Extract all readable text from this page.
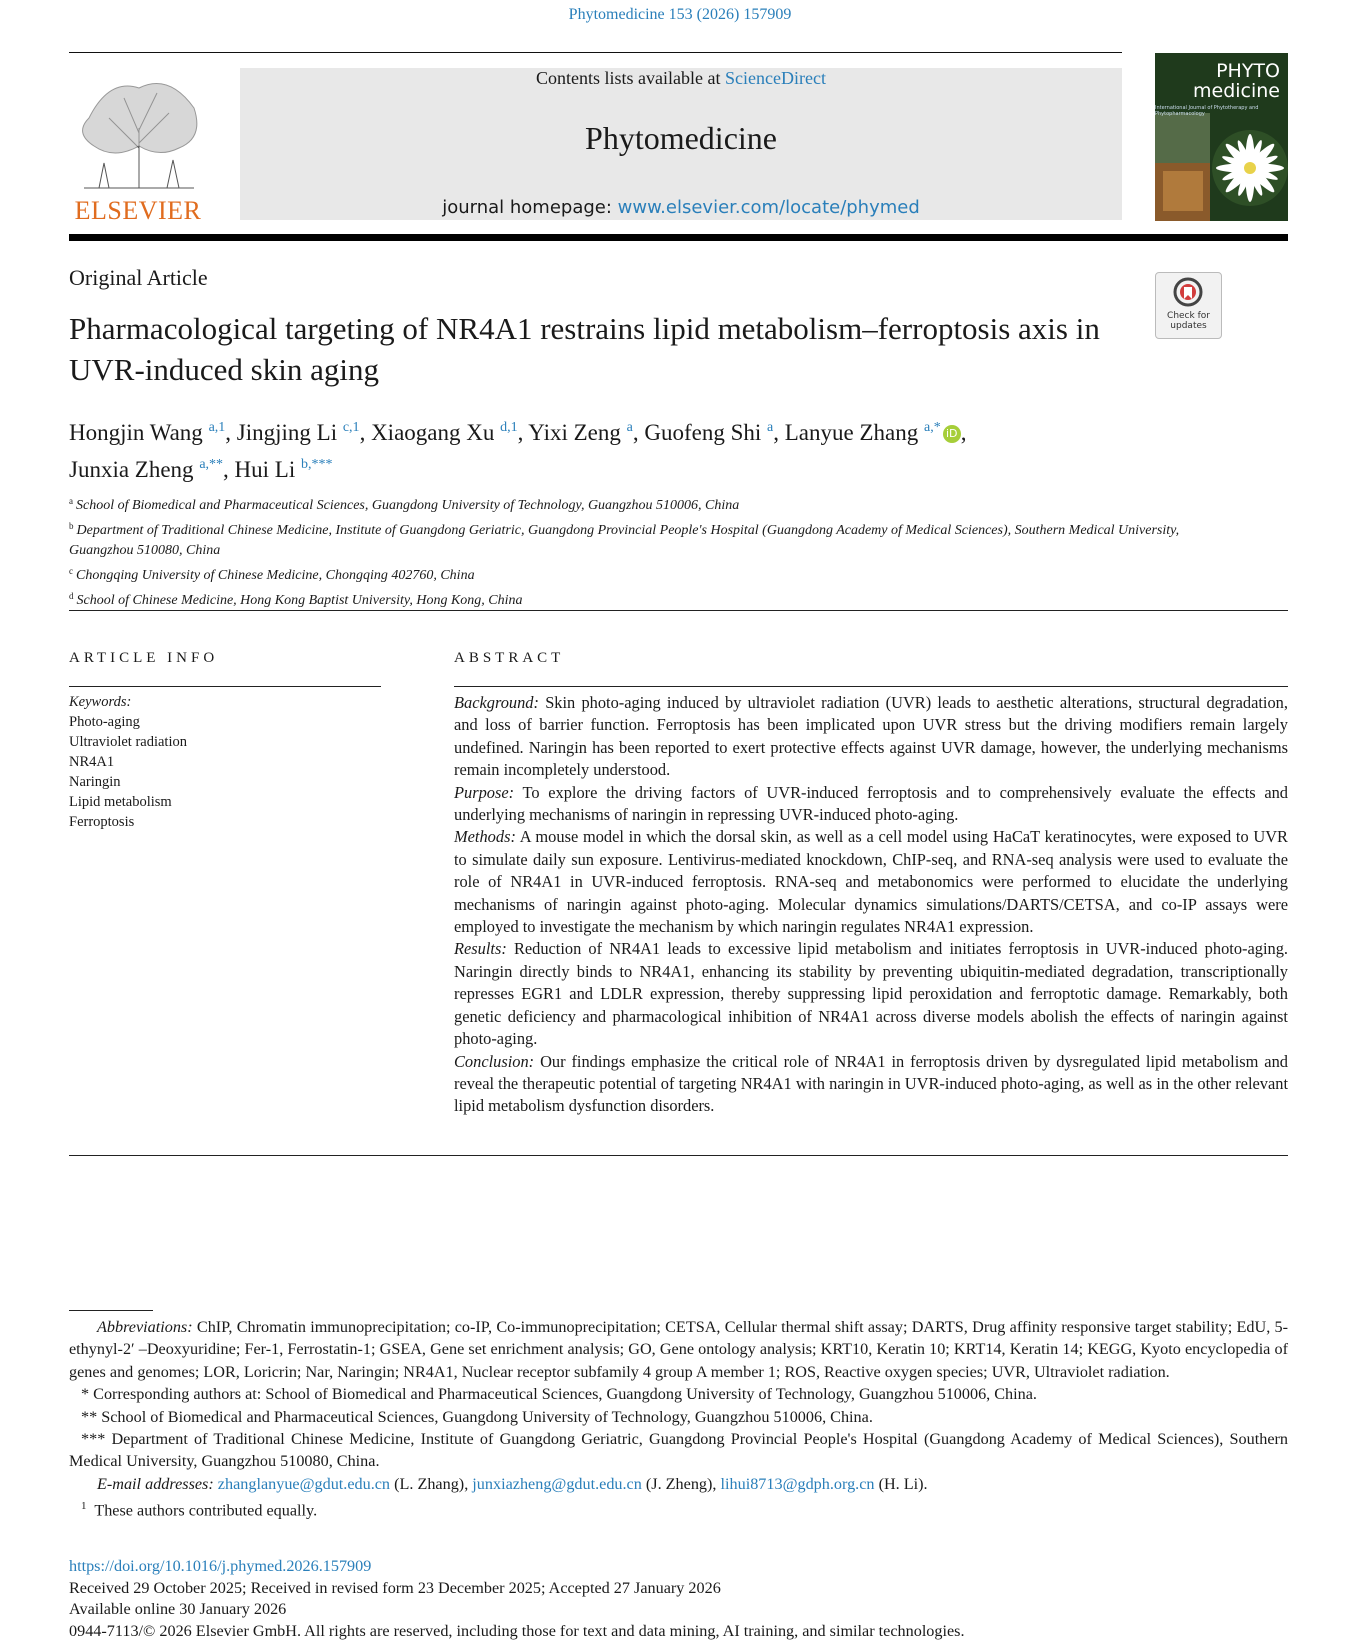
Phytomedicine 153 (2026) 157909
ELSEVIER
Contents lists available at ScienceDirect
Phytomedicine
journal homepage: www.elsevier.com/locate/phymed
PHYTO
medicine
International Journal of Phytotherapy and Phytopharmacology
Original Article
Check for updates
Pharmacological targeting of NR4A1 restrains lipid metabolism–ferroptosis axis in UVR-induced skin aging
Hongjin Wang $^{a,1}$, Jingjing Li $^{c,1}$, Xiaogang Xu $^{d,1}$, Yixi Zeng $^a$, Guofeng Shi $^a$, Lanyue Zhang $^{a,*}$ iD ,
Junxia Zheng $^{a,**}$, Hui Li $^{b,***}$
$^a$ School of Biomedical and Pharmaceutical Sciences, Guangdong University of Technology, Guangzhou 510006, China
$^b$ Department of Traditional Chinese Medicine, Institute of Guangdong Geriatric, Guangdong Provincial People's Hospital (Guangdong Academy of Medical Sciences), Southern Medical University, Guangzhou 510080, China
$^c$ Chongqing University of Chinese Medicine, Chongqing 402760, China
$^d$ School of Chinese Medicine, Hong Kong Baptist University, Hong Kong, China
ARTICLE INFO
Keywords:
Photo-aging
Ultraviolet radiation
NR4A1
Naringin
Lipid metabolism
Ferroptosis
ABSTRACT

Background: Skin photo-aging induced by ultraviolet radiation (UVR) leads to aesthetic alterations, structural degradation, and loss of barrier function. Ferroptosis has been implicated upon UVR stress but the driving modifiers remain largely undefined. Naringin has been reported to exert protective effects against UVR damage, however, the underlying mechanisms remain incompletely understood.

Purpose: To explore the driving factors of UVR-induced ferroptosis and to comprehensively evaluate the effects and underlying mechanisms of naringin in repressing UVR-induced photo-aging.

Methods: A mouse model in which the dorsal skin, as well as a cell model using HaCaT keratinocytes, were exposed to UVR to simulate daily sun exposure. Lentivirus-mediated knockdown, ChIP-seq, and RNA-seq analysis were used to evaluate the role of NR4A1 in UVR-induced ferroptosis. RNA-seq and metabonomics were performed to elucidate the underlying mechanisms of naringin against photo-aging. Molecular dynamics simulations/DARTS/CETSA, and co-IP assays were employed to investigate the mechanism by which naringin regulates NR4A1 expression.

Results: Reduction of NR4A1 leads to excessive lipid metabolism and initiates ferroptosis in UVR-induced photo-aging. Naringin directly binds to NR4A1, enhancing its stability by preventing ubiquitin-mediated degradation, transcriptionally represses EGR1 and LDLR expression, thereby suppressing lipid peroxidation and ferroptotic damage. Remarkably, both genetic deficiency and pharmacological inhibition of NR4A1 across diverse models abolish the effects of naringin against photo-aging.

Conclusion: Our findings emphasize the critical role of NR4A1 in ferroptosis driven by dysregulated lipid metabolism and reveal the therapeutic potential of targeting NR4A1 with naringin in UVR-induced photo-aging, as well as in the other relevant lipid metabolism dysfunction disorders.

Abbreviations: ChIP, Chromatin immunoprecipitation; co-IP, Co-immunoprecipitation; CETSA, Cellular thermal shift assay; DARTS, Drug affinity responsive target stability; EdU, 5-ethynyl-2′ –Deoxyuridine; Fer-1, Ferrostatin-1; GSEA, Gene set enrichment analysis; GO, Gene ontology analysis; KRT10, Keratin 10; KRT14, Keratin 14; KEGG, Kyoto encyclopedia of genes and genomes; LOR, Loricrin; Nar, Naringin; NR4A1, Nuclear receptor subfamily 4 group A member 1; ROS, Reactive oxygen species; UVR, Ultraviolet radiation.

* Corresponding authors at: School of Biomedical and Pharmaceutical Sciences, Guangdong University of Technology, Guangzhou 510006, China.

** School of Biomedical and Pharmaceutical Sciences, Guangdong University of Technology, Guangzhou 510006, China.

*** Department of Traditional Chinese Medicine, Institute of Guangdong Geriatric, Guangdong Provincial People's Hospital (Guangdong Academy of Medical Sciences), Southern Medical University, Guangzhou 510080, China.

E-mail addresses: zhanglanyue@gdut.edu.cn (L. Zhang), junxiazheng@gdut.edu.cn (J. Zheng), lihui8713@gdph.org.cn (H. Li).

$^1$ These authors contributed equally.

https://doi.org/10.1016/j.phymed.2026.157909

Received 29 October 2025; Received in revised form 23 December 2025; Accepted 27 January 2026

Available online 30 January 2026

0944-7113/© 2026 Elsevier GmbH. All rights are reserved, including those for text and data mining, AI training, and similar technologies.
